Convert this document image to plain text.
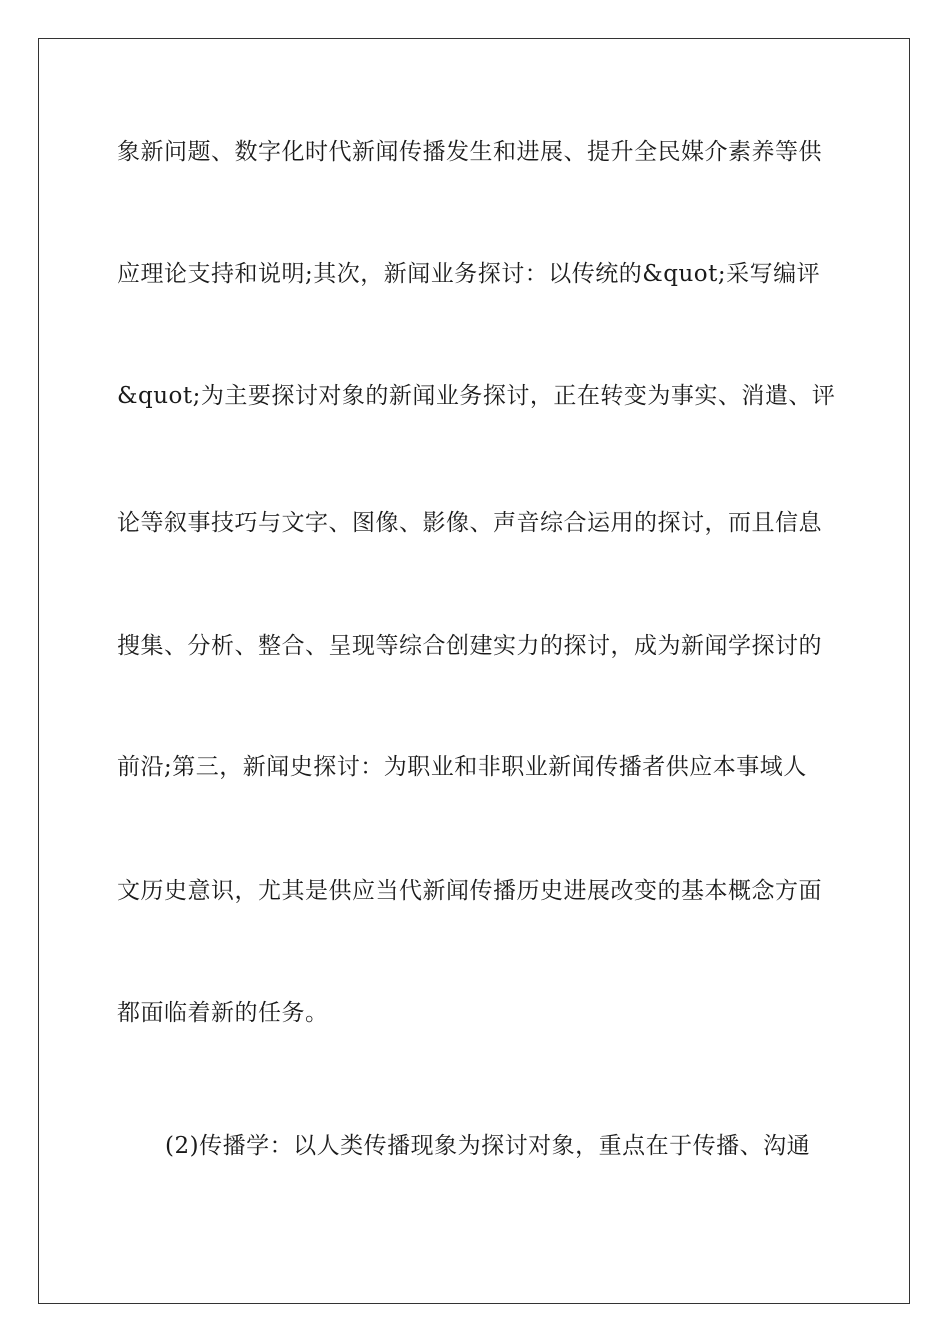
象新问题、数字化时代新闻传播发生和进展、提升全民媒介素养等供
应理论支持和说明;其次，新闻业务探讨：以传统的&quot;采写编评
&quot;为主要探讨对象的新闻业务探讨，正在转变为事实、消遣、评
论等叙事技巧与文字、图像、影像、声音综合运用的探讨，而且信息
搜集、分析、整合、呈现等综合创建实力的探讨，成为新闻学探讨的
前沿;第三，新闻史探讨：为职业和非职业新闻传播者供应本事域人
文历史意识，尤其是供应当代新闻传播历史进展改变的基本概念方面
都面临着新的任务。
(2)传播学：以人类传播现象为探讨对象，重点在于传播、沟通
